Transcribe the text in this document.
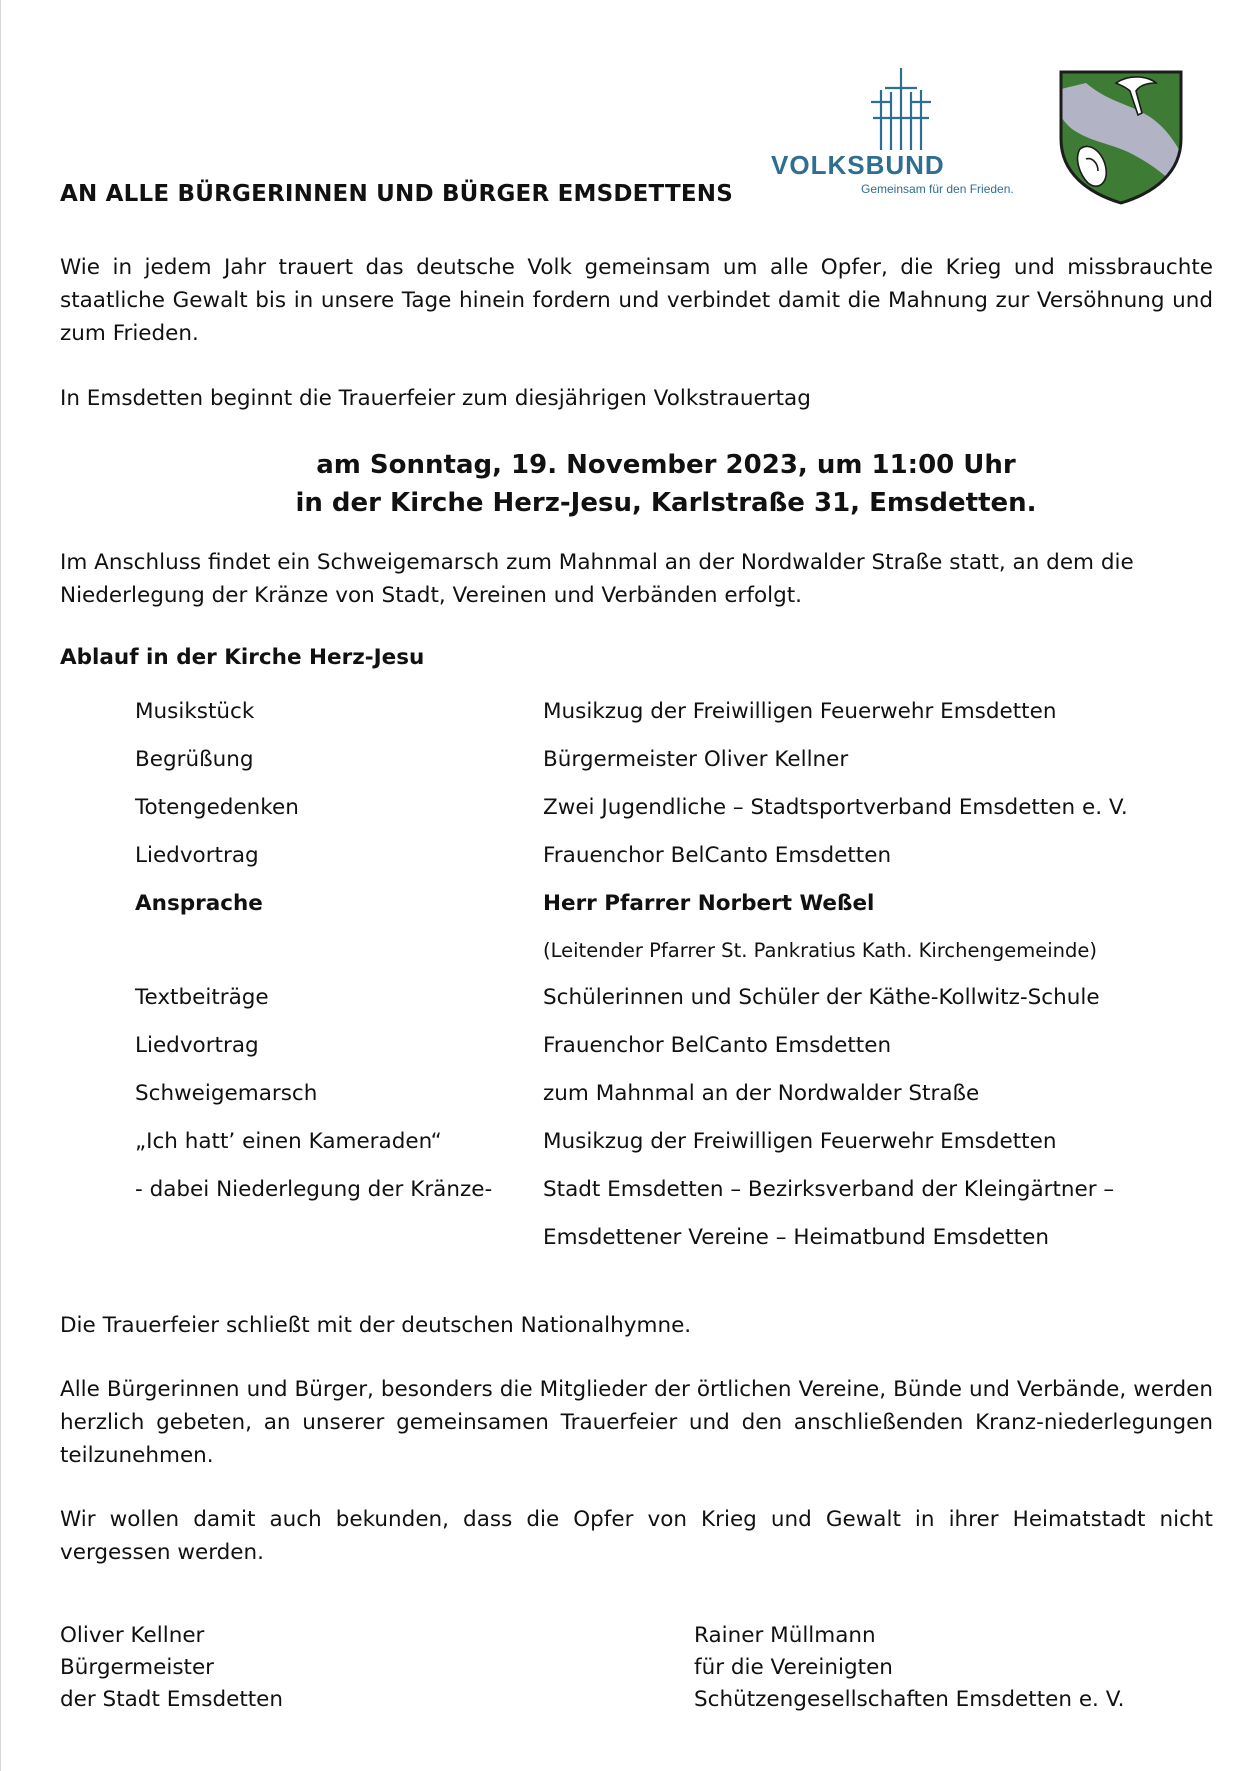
VOLKSBUND
Gemeinsam für den Frieden.
AN ALLE BÜRGERINNEN UND BÜRGER EMSDETTENS
Wie in jedem Jahr trauert das deutsche Volk gemeinsam um alle Opfer, die Krieg und missbrauchte staatliche Gewalt bis in unsere Tage hinein fordern und verbindet damit die Mahnung zur Versöhnung und zum Frieden.
In Emsdetten beginnt die Trauerfeier zum diesjährigen Volkstrauertag
am Sonntag, 19. November 2023, um 11:00 Uhr
in der Kirche Herz-Jesu, Karlstraße 31, Emsdetten.
Im Anschluss findet ein Schweigemarsch zum Mahnmal an der Nordwalder Straße statt, an dem die Niederlegung der Kränze von Stadt, Vereinen und Verbänden erfolgt.
Ablauf in der Kirche Herz-Jesu
Musikstück	Musikzug der Freiwilligen Feuerwehr Emsdetten
Begrüßung	Bürgermeister Oliver Kellner
Totengedenken	Zwei Jugendliche – Stadtsportverband Emsdetten e. V.
Liedvortrag	Frauenchor BelCanto Emsdetten
Ansprache	Herr Pfarrer Norbert Weßel
(Leitender Pfarrer St. Pankratius Kath. Kirchengemeinde)
Textbeiträge	Schülerinnen und Schüler der Käthe-Kollwitz-Schule
Liedvortrag	Frauenchor BelCanto Emsdetten
Schweigemarsch	zum Mahnmal an der Nordwalder Straße
„Ich hatt’ einen Kameraden“	Musikzug der Freiwilligen Feuerwehr Emsdetten
- dabei Niederlegung der Kränze-	Stadt Emsdetten – Bezirksverband der Kleingärtner –
Emsdettener Vereine – Heimatbund Emsdetten
Die Trauerfeier schließt mit der deutschen Nationalhymne.
Alle Bürgerinnen und Bürger, besonders die Mitglieder der örtlichen Vereine, Bünde und Verbände, werden herzlich gebeten, an unserer gemeinsamen Trauerfeier und den anschließenden Kranz-niederlegungen teilzunehmen.
Wir wollen damit auch bekunden, dass die Opfer von Krieg und Gewalt in ihrer Heimatstadt nicht vergessen werden.
Oliver Kellner
Bürgermeister
der Stadt Emsdetten
Rainer Müllmann
für die Vereinigten
Schützengesellschaften Emsdetten e. V.
